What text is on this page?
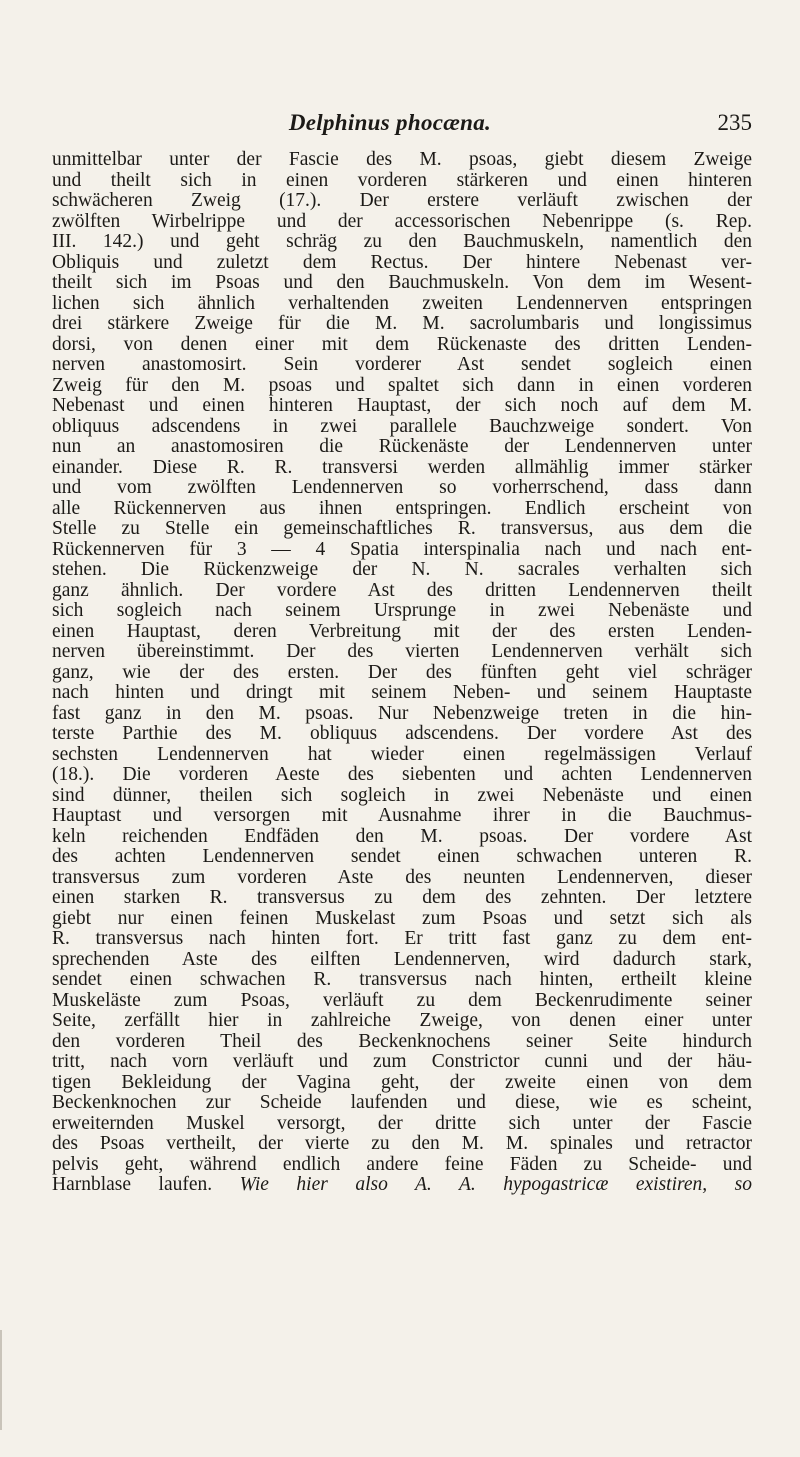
Delphinus phocæna.	235
unmittelbar unter der Fascie des M. psoas, giebt diesem Zweige
und theilt sich in einen vorderen stärkeren und einen hinteren
schwächeren Zweig (17.). Der erstere verläuft zwischen der
zwölften Wirbelrippe und der accessorischen Nebenrippe (s. Rep.
III. 142.) und geht schräg zu den Bauchmuskeln, namentlich den
Obliquis und zuletzt dem Rectus. Der hintere Nebenast ver-
theilt sich im Psoas und den Bauchmuskeln. Von dem im Wesent-
lichen sich ähnlich verhaltenden zweiten Lendennerven entspringen
drei stärkere Zweige für die M. M. sacrolumbaris und longissimus
dorsi, von denen einer mit dem Rückenaste des dritten Lenden-
nerven anastomosirt. Sein vorderer Ast sendet sogleich einen
Zweig für den M. psoas und spaltet sich dann in einen vorderen
Nebenast und einen hinteren Hauptast, der sich noch auf dem M.
obliquus adscendens in zwei parallele Bauchzweige sondert. Von
nun an anastomosiren die Rückenäste der Lendennerven unter
einander. Diese R. R. transversi werden allmählig immer stärker
und vom zwölften Lendennerven so vorherrschend, dass dann
alle Rückennerven aus ihnen entspringen. Endlich erscheint von
Stelle zu Stelle ein gemeinschaftliches R. transversus, aus dem die
Rückennerven für 3 — 4 Spatia interspinalia nach und nach ent-
stehen. Die Rückenzweige der N. N. sacrales verhalten sich
ganz ähnlich. Der vordere Ast des dritten Lendennerven theilt
sich sogleich nach seinem Ursprunge in zwei Nebenäste und
einen Hauptast, deren Verbreitung mit der des ersten Lenden-
nerven übereinstimmt. Der des vierten Lendennerven verhält sich
ganz, wie der des ersten. Der des fünften geht viel schräger
nach hinten und dringt mit seinem Neben- und seinem Hauptaste
fast ganz in den M. psoas. Nur Nebenzweige treten in die hin-
terste Parthie des M. obliquus adscendens. Der vordere Ast des
sechsten Lendennerven hat wieder einen regelmässigen Verlauf
(18.). Die vorderen Aeste des siebenten und achten Lendennerven
sind dünner, theilen sich sogleich in zwei Nebenäste und einen
Hauptast und versorgen mit Ausnahme ihrer in die Bauchmus-
keln reichenden Endfäden den M. psoas. Der vordere Ast
des achten Lendennerven sendet einen schwachen unteren R.
transversus zum vorderen Aste des neunten Lendennerven, dieser
einen starken R. transversus zu dem des zehnten. Der letztere
giebt nur einen feinen Muskelast zum Psoas und setzt sich als
R. transversus nach hinten fort. Er tritt fast ganz zu dem ent-
sprechenden Aste des eilften Lendennerven, wird dadurch stark,
sendet einen schwachen R. transversus nach hinten, ertheilt kleine
Muskeläste zum Psoas, verläuft zu dem Beckenrudimente seiner
Seite, zerfällt hier in zahlreiche Zweige, von denen einer unter
den vorderen Theil des Beckenknochens seiner Seite hindurch
tritt, nach vorn verläuft und zum Constrictor cunni und der häu-
tigen Bekleidung der Vagina geht, der zweite einen von dem
Beckenknochen zur Scheide laufenden und diese, wie es scheint,
erweiternden Muskel versorgt, der dritte sich unter der Fascie
des Psoas vertheilt, der vierte zu den M. M. spinales und retractor
pelvis geht, während endlich andere feine Fäden zu Scheide- und
Harnblase laufen. Wie hier also A. A. hypogastricæ existiren, so
